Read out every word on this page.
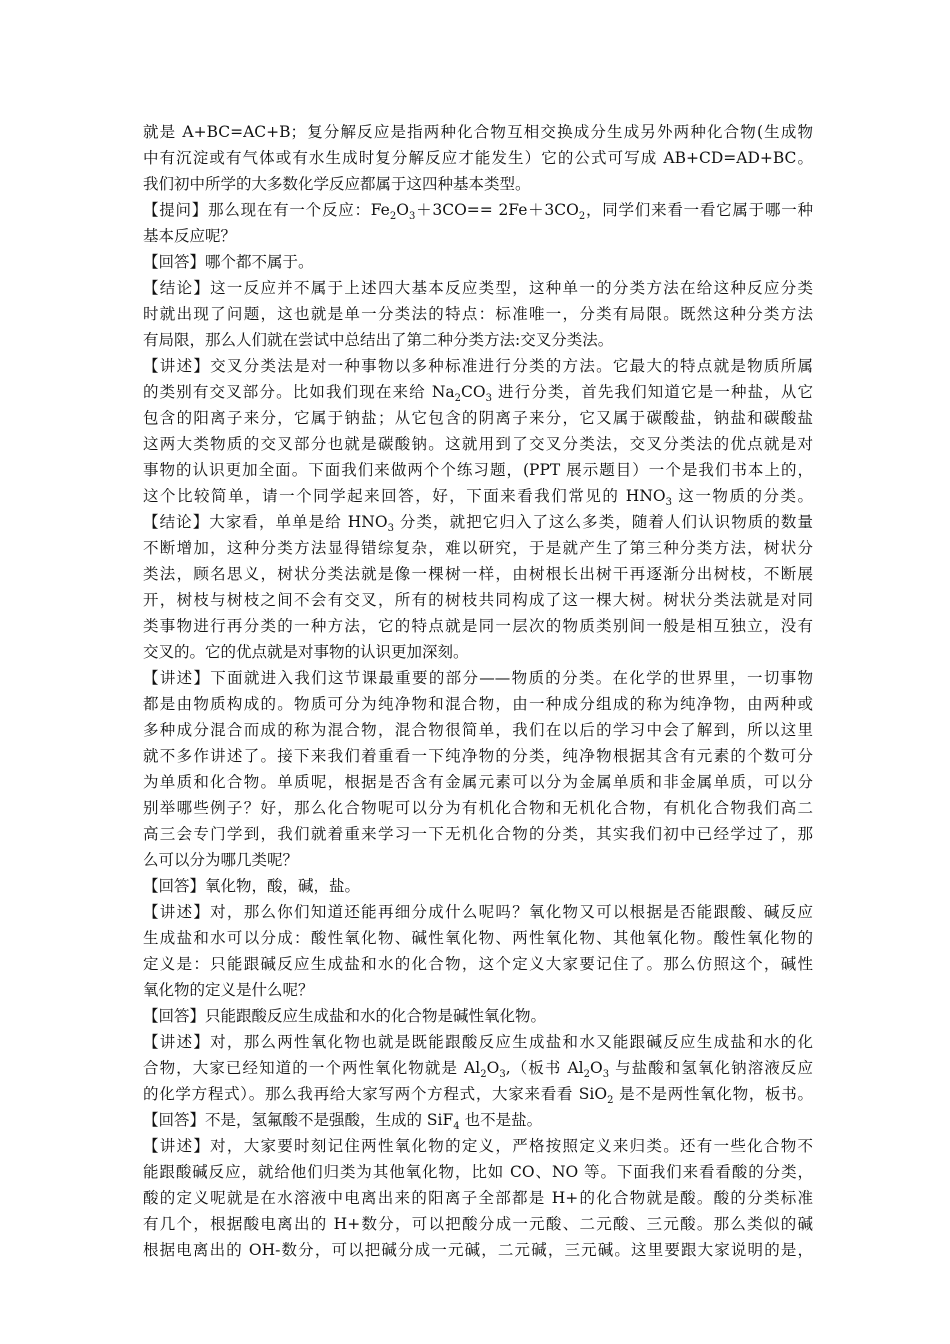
就是 A+BC=AC+B；复分解反应是指两种化合物互相交换成分生成另外两种化合物(生成物
中有沉淀或有气体或有水生成时复分解反应才能发生）它的公式可写成 AB+CD=AD+BC。
我们初中所学的大多数化学反应都属于这四种基本类型。
【提问】那么现在有一个反应：$Fe_2O_3+3CO== 2Fe+3CO_2$，同学们来看一看它属于哪一种
基本反应呢？
【回答】哪个都不属于。
【结论】这一反应并不属于上述四大基本反应类型，这种单一的分类方法在给这种反应分类
时就出现了问题，这也就是单一分类法的特点：标准唯一，分类有局限。既然这种分类方法
有局限，那么人们就在尝试中总结出了第二种分类方法:交叉分类法。
【讲述】交叉分类法是对一种事物以多种标准进行分类的方法。它最大的特点就是物质所属
的类别有交叉部分。比如我们现在来给 $Na_2CO_3$ 进行分类，首先我们知道它是一种盐，从它
包含的阳离子来分，它属于钠盐；从它包含的阴离子来分，它又属于碳酸盐，钠盐和碳酸盐
这两大类物质的交叉部分也就是碳酸钠。这就用到了交叉分类法，交叉分类法的优点就是对
事物的认识更加全面。下面我们来做两个个练习题，(PPT 展示题目）一个是我们书本上的，
这个比较简单，请一个同学起来回答，好，下面来看我们常见的 $HNO_3$ 这一物质的分类。
【结论】大家看，单单是给 $HNO_3$ 分类，就把它归入了这么多类，随着人们认识物质的数量
不断增加，这种分类方法显得错综复杂，难以研究，于是就产生了第三种分类方法，树状分
类法，顾名思义，树状分类法就是像一棵树一样，由树根长出树干再逐渐分出树枝，不断展
开，树枝与树枝之间不会有交叉，所有的树枝共同构成了这一棵大树。树状分类法就是对同
类事物进行再分类的一种方法，它的特点就是同一层次的物质类别间一般是相互独立，没有
交叉的。它的优点就是对事物的认识更加深刻。
【讲述】下面就进入我们这节课最重要的部分——物质的分类。在化学的世界里，一切事物
都是由物质构成的。物质可分为纯净物和混合物，由一种成分组成的称为纯净物，由两种或
多种成分混合而成的称为混合物，混合物很简单，我们在以后的学习中会了解到，所以这里
就不多作讲述了。接下来我们着重看一下纯净物的分类，纯净物根据其含有元素的个数可分
为单质和化合物。单质呢，根据是否含有金属元素可以分为金属单质和非金属单质，可以分
别举哪些例子？好，那么化合物呢可以分为有机化合物和无机化合物，有机化合物我们高二
高三会专门学到，我们就着重来学习一下无机化合物的分类，其实我们初中已经学过了，那
么可以分为哪几类呢？
【回答】氧化物，酸，碱，盐。
【讲述】对，那么你们知道还能再细分成什么呢吗？氧化物又可以根据是否能跟酸、碱反应
生成盐和水可以分成：酸性氧化物、碱性氧化物、两性氧化物、其他氧化物。酸性氧化物的
定义是：只能跟碱反应生成盐和水的化合物，这个定义大家要记住了。那么仿照这个，碱性
氧化物的定义是什么呢？
【回答】只能跟酸反应生成盐和水的化合物是碱性氧化物。
【讲述】对，那么两性氧化物也就是既能跟酸反应生成盐和水又能跟碱反应生成盐和水的化
合物，大家已经知道的一个两性氧化物就是 $Al_2O_3$,（板书 $Al_2O_3$ 与盐酸和氢氧化钠溶液反应
的化学方程式）。那么我再给大家写两个方程式，大家来看看 SiO$_2$ 是不是两性氧化物，板书。
【回答】不是，氢氟酸不是强酸，生成的 SiF$_4$ 也不是盐。
【讲述】对，大家要时刻记住两性氧化物的定义，严格按照定义来归类。还有一些化合物不
能跟酸碱反应，就给他们归类为其他氧化物，比如 CO、NO 等。下面我们来看看酸的分类，
酸的定义呢就是在水溶液中电离出来的阳离子全部都是 H+的化合物就是酸。酸的分类标准
有几个，根据酸电离出的 H+数分，可以把酸分成一元酸、二元酸、三元酸。那么类似的碱
根据电离出的 OH-数分，可以把碱分成一元碱，二元碱，三元碱。这里要跟大家说明的是，
